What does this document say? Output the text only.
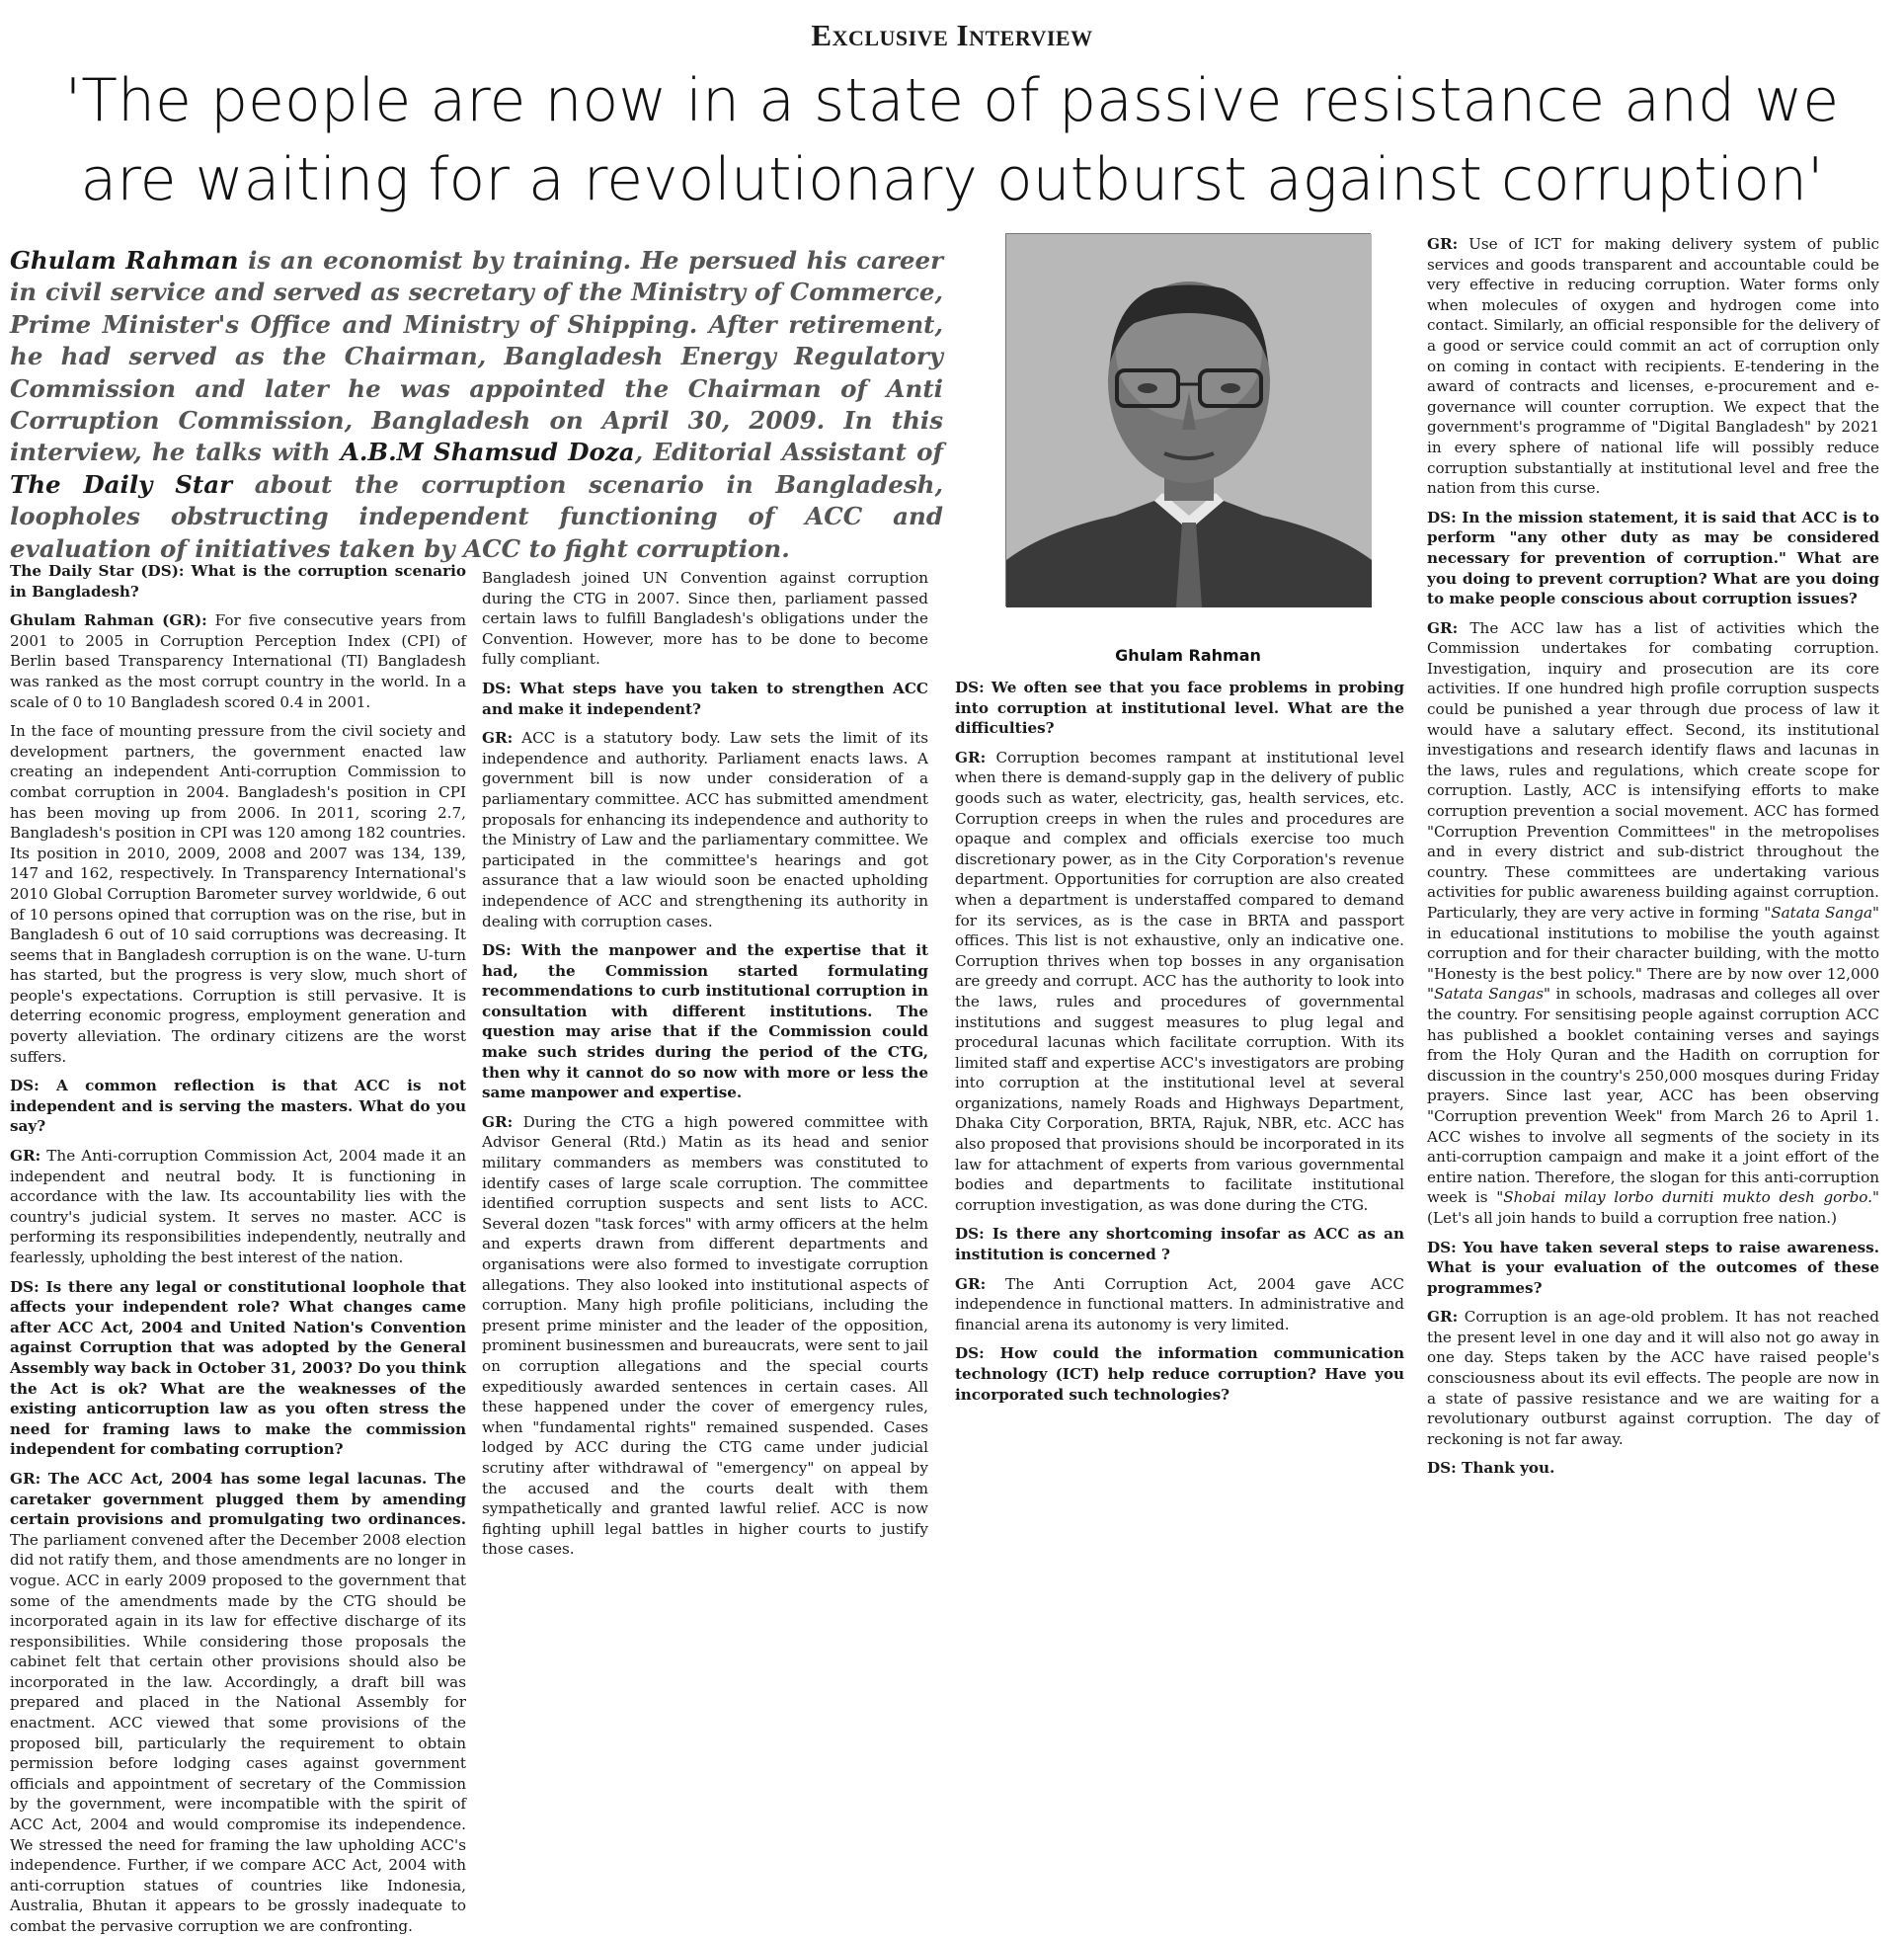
Exclusive Interview
'The people are now in a state of passive resistance and we are waiting for a revolutionary outburst against corruption'
Ghulam Rahman is an economist by training. He persued his career in civil service and served as secretary of the Ministry of Commerce, Prime Minister's Office and Ministry of Shipping. After retirement, he had served as the Chairman, Bangladesh Energy Regulatory Commission and later he was appointed the Chairman of Anti Corruption Commission, Bangladesh on April 30, 2009. In this interview, he talks with A.B.M Shamsud Doza, Editorial Assistant of The Daily Star about the corruption scenario in Bangladesh, loopholes obstructing independent functioning of ACC and evaluation of initiatives taken by ACC to fight corruption.
Ghulam Rahman

The Daily Star (DS): What is the corruption scenario in Bangladesh?

Ghulam Rahman (GR): For five consecutive years from 2001 to 2005 in Corruption Perception Index (CPI) of Berlin based Transparency International (TI) Bangladesh was ranked as the most corrupt country in the world. In a scale of 0 to 10 Bangladesh scored 0.4 in 2001.

In the face of mounting pressure from the civil society and development partners, the government enacted law creating an independent Anti-corruption Commission to combat corruption in 2004. Bangladesh's position in CPI has been moving up from 2006. In 2011, scoring 2.7, Bangladesh's position in CPI was 120 among 182 countries. Its position in 2010, 2009, 2008 and 2007 was 134, 139, 147 and 162, respectively. In Transparency International's 2010 Global Corruption Barometer survey worldwide, 6 out of 10 persons opined that corruption was on the rise, but in Bangladesh 6 out of 10 said corruptions was decreasing. It seems that in Bangladesh corruption is on the wane. U-turn has started, but the progress is very slow, much short of people's expectations. Corruption is still pervasive. It is deterring economic progress, employment generation and poverty alleviation. The ordinary citizens are the worst suffers.

DS: A common reflection is that ACC is not independent and is serving the masters. What do you say?

GR: The Anti-corruption Commission Act, 2004 made it an independent and neutral body. It is functioning in accordance with the law. Its accountability lies with the country's judicial system. It serves no master. ACC is performing its responsibilities independently, neutrally and fearlessly, upholding the best interest of the nation.

DS: Is there any legal or constitutional loophole that affects your independent role? What changes came after ACC Act, 2004 and United Nation's Convention against Corruption that was adopted by the General Assembly way back in October 31, 2003? Do you think the Act is ok? What are the weaknesses of the existing anticorruption law as you often stress the need for framing laws to make the commission independent for combating corruption?

GR: The ACC Act, 2004 has some legal lacunas. The caretaker government plugged them by amending certain provisions and promulgating two ordinances. The parliament convened after the December 2008 election did not ratify them, and those amendments are no longer in vogue. ACC in early 2009 proposed to the government that some of the amendments made by the CTG should be incorporated again in its law for effective discharge of its responsibilities. While considering those proposals the cabinet felt that certain other provisions should also be incorporated in the law. Accordingly, a draft bill was prepared and placed in the National Assembly for enactment. ACC viewed that some provisions of the proposed bill, particularly the requirement to obtain permission before lodging cases against government officials and appointment of secretary of the Commission by the government, were incompatible with the spirit of ACC Act, 2004 and would compromise its independence. We stressed the need for framing the law upholding ACC's independence. Further, if we compare ACC Act, 2004 with anti-corruption statues of countries like Indonesia, Australia, Bhutan it appears to be grossly inadequate to combat the pervasive corruption we are confronting.

Bangladesh joined UN Convention against corruption during the CTG in 2007. Since then, parliament passed certain laws to fulfill Bangladesh's obligations under the Convention. However, more has to be done to become fully compliant.

DS: What steps have you taken to strengthen ACC and make it independent?

GR: ACC is a statutory body. Law sets the limit of its independence and authority. Parliament enacts laws. A government bill is now under consideration of a parliamentary committee. ACC has submitted amendment proposals for enhancing its independence and authority to the Ministry of Law and the parliamentary committee. We participated in the committee's hearings and got assurance that a law wiould soon be enacted upholding independence of ACC and strengthening its authority in dealing with corruption cases.

DS: With the manpower and the expertise that it had, the Commission started formulating recommendations to curb institutional corruption in consultation with different institutions. The question may arise that if the Commission could make such strides during the period of the CTG, then why it cannot do so now with more or less the same manpower and expertise.

GR: During the CTG a high powered committee with Advisor General (Rtd.) Matin as its head and senior military commanders as members was constituted to identify cases of large scale corruption. The committee identified corruption suspects and sent lists to ACC. Several dozen "task forces" with army officers at the helm and experts drawn from different departments and organisations were also formed to investigate corruption allegations. They also looked into institutional aspects of corruption. Many high profile politicians, including the present prime minister and the leader of the opposition, prominent businessmen and bureaucrats, were sent to jail on corruption allegations and the special courts expeditiously awarded sentences in certain cases. All these happened under the cover of emergency rules, when "fundamental rights" remained suspended. Cases lodged by ACC during the CTG came under judicial scrutiny after withdrawal of "emergency" on appeal by the accused and the courts dealt with them sympathetically and granted lawful relief. ACC is now fighting uphill legal battles in higher courts to justify those cases.

DS: We often see that you face problems in probing into corruption at institutional level. What are the difficulties?

GR: Corruption becomes rampant at institutional level when there is demand-supply gap in the delivery of public goods such as water, electricity, gas, health services, etc. Corruption creeps in when the rules and procedures are opaque and complex and officials exercise too much discretionary power, as in the City Corporation's revenue department. Opportunities for corruption are also created when a department is understaffed compared to demand for its services, as is the case in BRTA and passport offices. This list is not exhaustive, only an indicative one. Corruption thrives when top bosses in any organisation are greedy and corrupt. ACC has the authority to look into the laws, rules and procedures of governmental institutions and suggest measures to plug legal and procedural lacunas which facilitate corruption. With its limited staff and expertise ACC's investigators are probing into corruption at the institutional level at several organizations, namely Roads and Highways Department, Dhaka City Corporation, BRTA, Rajuk, NBR, etc. ACC has also proposed that provisions should be incorporated in its law for attachment of experts from various governmental bodies and departments to facilitate institutional corruption investigation, as was done during the CTG.

DS: Is there any shortcoming insofar as ACC as an institution is concerned ?

GR: The Anti Corruption Act, 2004 gave ACC independence in functional matters. In administrative and financial arena its autonomy is very limited.

DS: How could the information communication technology (ICT) help reduce corruption? Have you incorporated such technologies?

GR: Use of ICT for making delivery system of public services and goods transparent and accountable could be very effective in reducing corruption. Water forms only when molecules of oxygen and hydrogen come into contact. Similarly, an official responsible for the delivery of a good or service could commit an act of corruption only on coming in contact with recipients. E-tendering in the award of contracts and licenses, e-procurement and e-governance will counter corruption. We expect that the government's programme of "Digital Bangladesh" by 2021 in every sphere of national life will possibly reduce corruption substantially at institutional level and free the nation from this curse.

DS: In the mission statement, it is said that ACC is to perform "any other duty as may be considered necessary for prevention of corruption." What are you doing to prevent corruption? What are you doing to make people conscious about corruption issues?

GR: The ACC law has a list of activities which the Commission undertakes for combating corruption. Investigation, inquiry and prosecution are its core activities. If one hundred high profile corruption suspects could be punished a year through due process of law it would have a salutary effect. Second, its institutional investigations and research identify flaws and lacunas in the laws, rules and regulations, which create scope for corruption. Lastly, ACC is intensifying efforts to make corruption prevention a social movement. ACC has formed "Corruption Prevention Committees" in the metropolises and in every district and sub-district throughout the country. These committees are undertaking various activities for public awareness building against corruption. Particularly, they are very active in forming "Satata Sanga" in educational institutions to mobilise the youth against corruption and for their character building, with the motto "Honesty is the best policy." There are by now over 12,000 "Satata Sangas" in schools, madrasas and colleges all over the country. For sensitising people against corruption ACC has published a booklet containing verses and sayings from the Holy Quran and the Hadith on corruption for discussion in the country's 250,000 mosques during Friday prayers. Since last year, ACC has been observing "Corruption prevention Week" from March 26 to April 1. ACC wishes to involve all segments of the society in its anti-corruption campaign and make it a joint effort of the entire nation. Therefore, the slogan for this anti-corruption week is "Shobai milay lorbo durniti mukto desh gorbo." (Let's all join hands to build a corruption free nation.)

DS: You have taken several steps to raise awareness. What is your evaluation of the outcomes of these programmes?

GR: Corruption is an age-old problem. It has not reached the present level in one day and it will also not go away in one day. Steps taken by the ACC have raised people's consciousness about its evil effects. The people are now in a state of passive resistance and we are waiting for a revolutionary outburst against corruption. The day of reckoning is not far away.

DS: Thank you.
